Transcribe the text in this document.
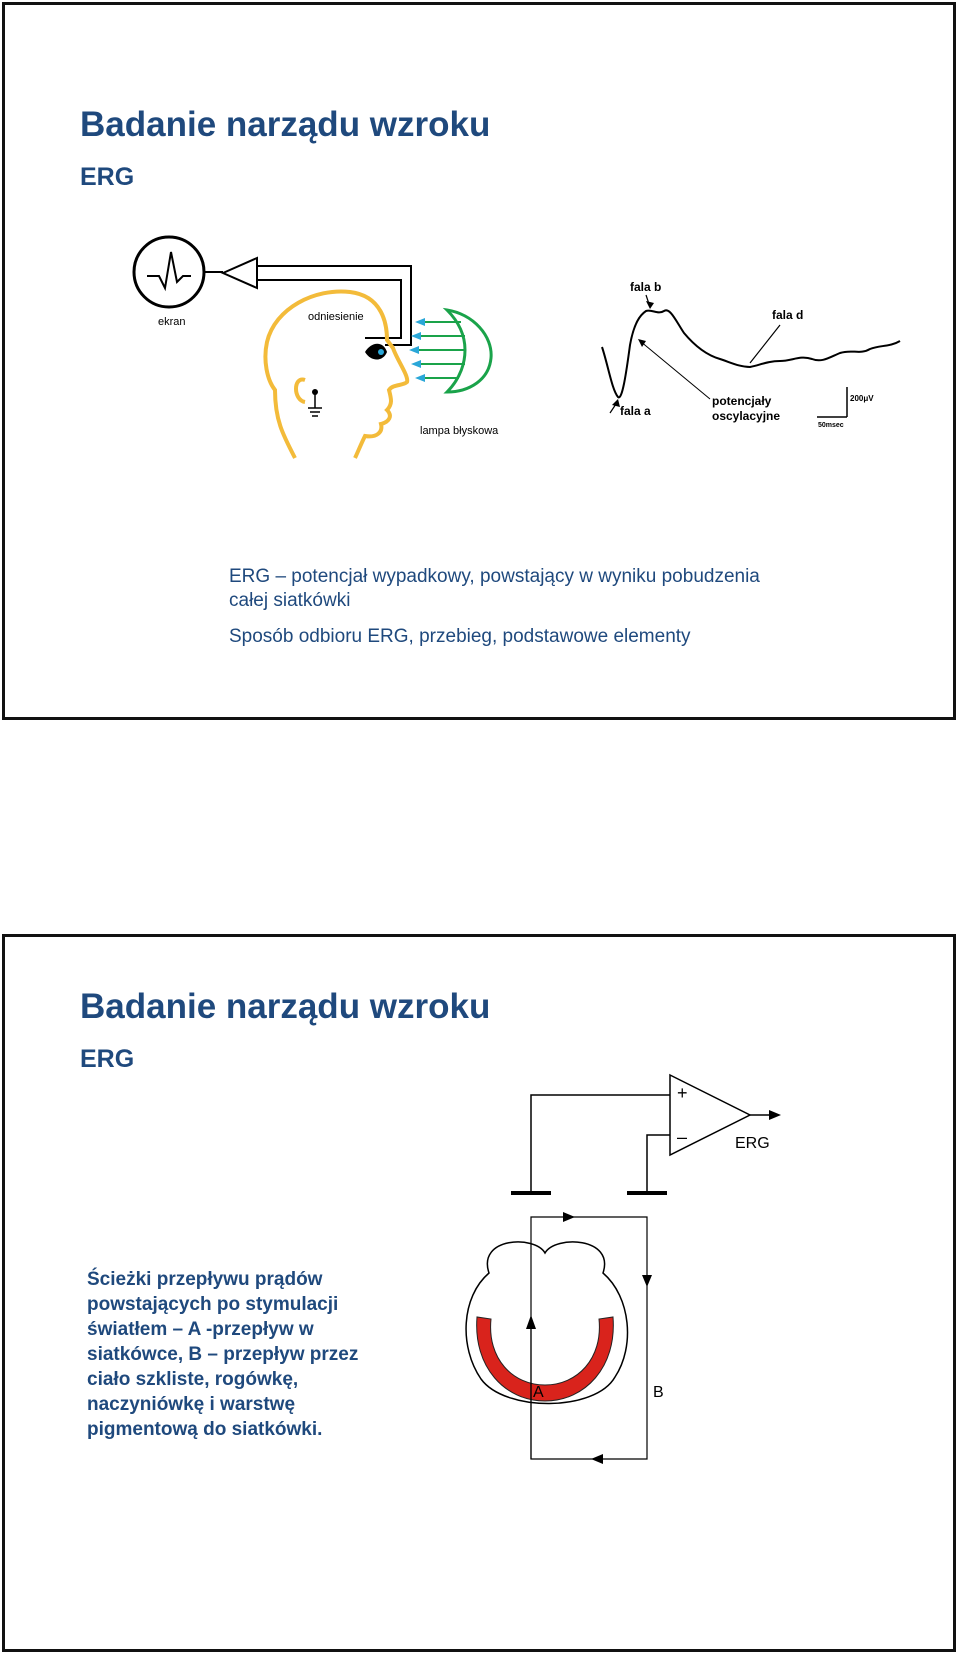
Badanie narządu wzroku
ERG
ekran	odniesienie
lampa błyskowa
fala b
fala d
fala a
potencjały
oscylacyjne
200μV
50msec

ERG – potencjał wypadkowy, powstający w wyniku pobudzenia

całej siatkówki

Sposób odbioru ERG, przebieg, podstawowe elementy

Badanie narządu wzroku
ERG

Ścieżki przepływu prądów
powstających po stymulacji
światłem – A -przepływ w
siatkówce, B – przepływ przez
ciało szkliste, rogówkę,
naczyniówkę i warstwę
pigmentową do siatkówki.

+
–	ERG
A	B
